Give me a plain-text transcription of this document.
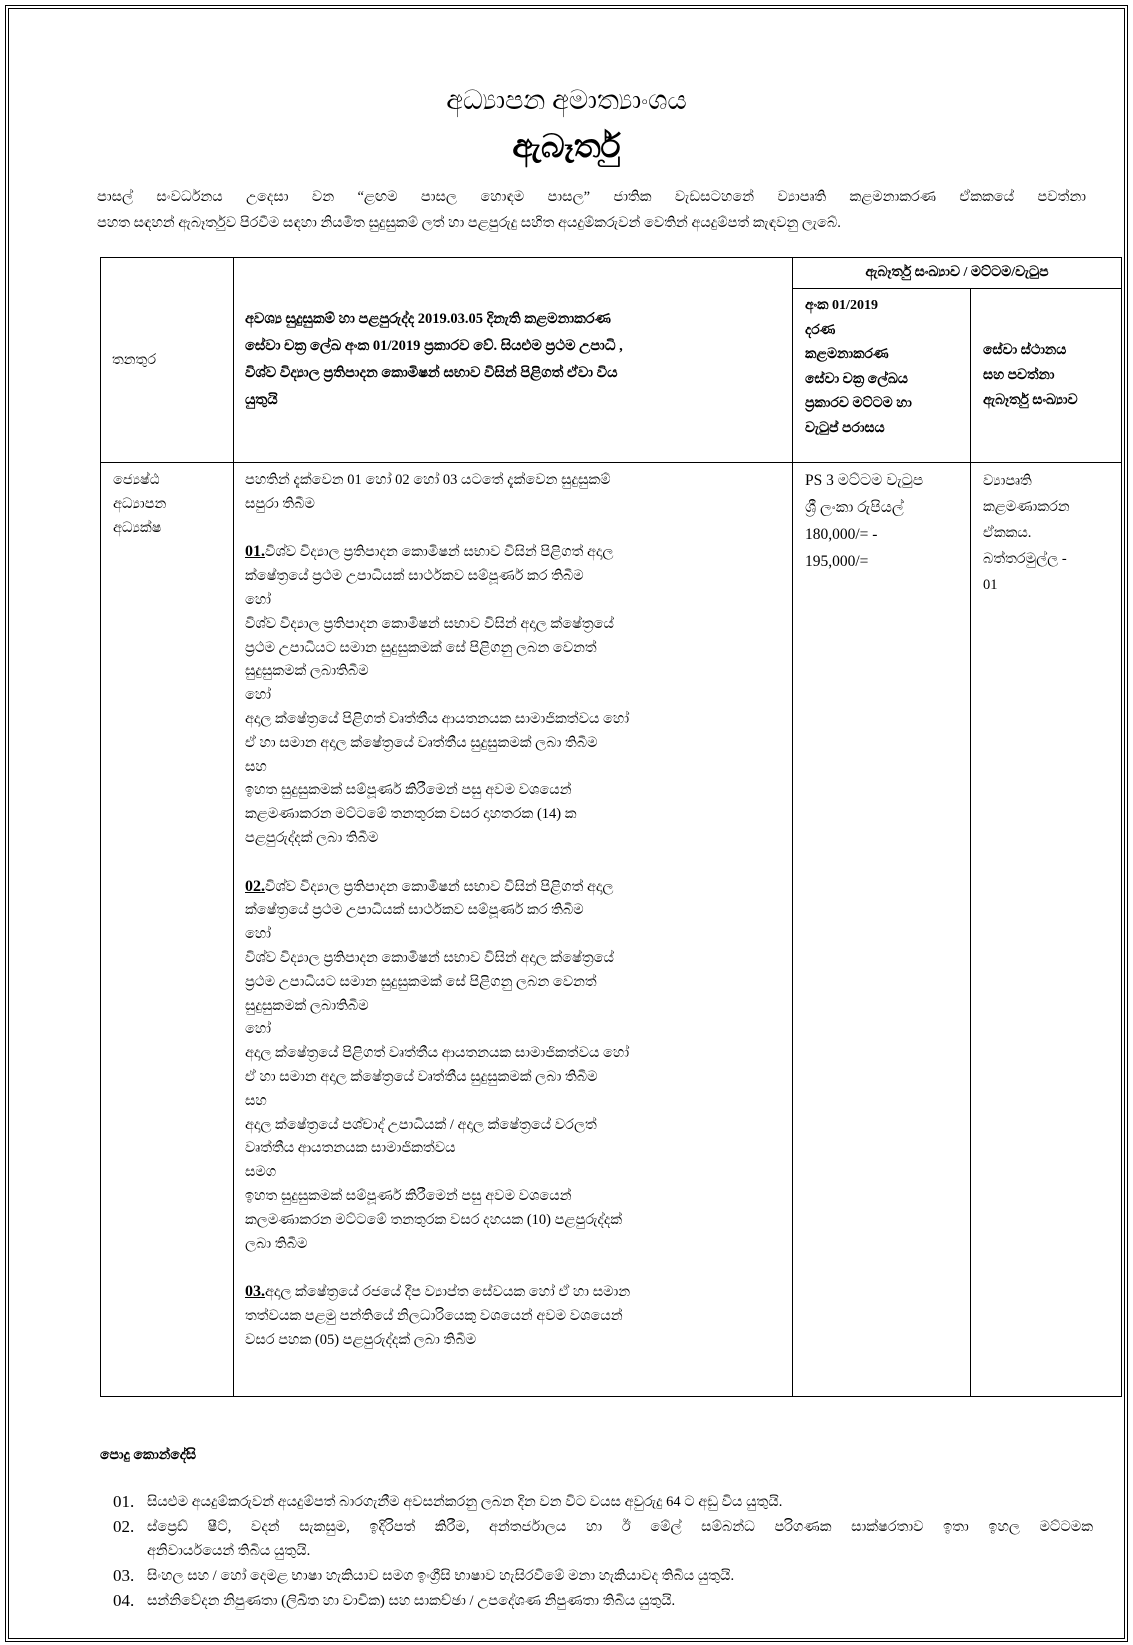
අධ්‍යාපන අමාත්‍යාංශය
ඇබෑර්තු
පාසල් සංවර්ධනය උදෙසා වන “ළඟම පාසල හොඳම පාසල” ජාතික වැඩසටහනේ ව්‍යාපෘති කළමනාකරණ ඒකකයේ පවත්නා
පහත සඳහන් ඇබෑර්තුව පිරවීම සඳහා නියමිත සුදුසුකම් ලත් හා පළපුරුදු සහිත අයදුම්කරුවන් වෙතින් අයදුම්පත් කැඳවනු ලැබේ.
තනතුර
අවශ්‍ය සුදුසුකම් හා පළපුරුද්ද 2019.03.05 දිනැති කළමනාකරණ
සේවා චක්‍ර ලේඛ අංක 01/2019 ප්‍රකාරව වේ. සියළුම ප්‍රථම උපාධි ,
විශ්ව විද්‍යාල ප්‍රතිපාදන කොමිෂන් සභාව විසින් පිළිගත් ඒවා විය
යුතුයි
ඇබෑර්තු සංඛ්‍යාව / මට්ටම/වැටුප
අංක 01/2019
දරණ
කළමනාකරණ
සේවා චක්‍ර ලේඛය
ප්‍රකාරව මට්ටම හා
වැටුප් පරාසය
සේවා ස්ථානය
සහ පවත්නා
ඇබෑර්තු සංඛ්‍යාව
ජ්‍යෙෂ්ඨ
අධ්‍යාපන
අධ්‍යක්ෂ
පහතින් දැක්වෙන 01 හෝ 02 හෝ 03 යටතේ දැක්වෙන සුදුසුකම්
සපුරා තිබීම
01.විශ්ව විද්‍යාල ප්‍රතිපාදන කොමිෂන් සභාව විසින් පිළිගත් අදාල
ක්ෂේත්‍රයේ ප්‍රථම උපාධියක් සාර්ථකව සම්පූර්ණ කර තිබීම
හෝ
විශ්ව විද්‍යාල ප්‍රතිපාදන කොමිෂන් සභාව විසින් අදාල ක්ෂේත්‍රයේ
ප්‍රථම උපාධියට සමාන සුදුසුකමක් සේ පිළිගනු ලබන වෙනත්
සුදුසුකමක් ලබාතිබීම
හෝ
අදාල ක්ෂේත්‍රයේ පිළිගත් වෘත්තීය ආයතනයක සාමාජිකත්වය හෝ
ඒ හා සමාන අදාල ක්ෂේත්‍රයේ වෘත්තීය සුදුසුකමක් ලබා තිබීම
සහ
ඉහත සුදුසුකමක් සම්පූර්ණ කිරීමෙන් පසු අවම වශයෙන්
කළමණාකරන මට්ටමේ තනතුරක වසර දාහතරක (14) ක
පළපුරුද්දක් ලබා තිබීම
02.විශ්ව විද්‍යාල ප්‍රතිපාදන කොමිෂන් සභාව විසින් පිළිගත් අදාල
ක්ෂේත්‍රයේ ප්‍රථම උපාධියක් සාර්ථකව සම්පූර්ණ කර තිබීම
හෝ
විශ්ව විද්‍යාල ප්‍රතිපාදන කොමිෂන් සභාව විසින් අදාල ක්ෂේත්‍රයේ
ප්‍රථම උපාධියට සමාන සුදුසුකමක් සේ පිළිගනු ලබන වෙනත්
සුදුසුකමක් ලබාතිබීම
හෝ
අදාල ක්ෂේත්‍රයේ පිළිගත් වෘත්තීය ආයතනයක සාමාජිකත්වය හෝ
ඒ හා සමාන අදාල ක්ෂේත්‍රයේ වෘත්තීය සුදුසුකමක් ලබා තිබීම
සහ
අදාල ක්ෂේත්‍රයේ පශ්චාද් උපාධියක් / අදාල ක්ෂේත්‍රයේ වරලත්
වෘත්තීය ආයතනයක සාමාජිකත්වය
සමග
ඉහත සුදුසුකමක් සම්පූර්ණ කිරීමෙන් පසු අවම වශයෙන්
කලමණාකරන මට්ටමේ තනතුරක වසර දහයක (10) පළපුරුද්දක්
ලබා තිබීම
03.අදාල ක්ෂේත්‍රයේ රජයේ දීප ව්‍යාප්ත සේවයක හෝ ඒ හා සමාන
තත්වයක පළමු පන්තියේ නිලධාරියෙකු වශයෙන් අවම වශයෙන්
වසර පහක (05) පළපුරුද්දක් ලබා තිබීම
PS 3 මට්ටම වැටුප
ශ්‍රී ලංකා රුපියල්
180,000/= -
195,000/=
ව්‍යාපෘති
කළමණාකරන
ඒකකය.
බත්තරමුල්ල -
01
පොදු කොන්දේසි
01. සියළුම අයදුම්කරුවන් අයදුම්පත් බාරගැනීම අවසන්කරනු ලබන දින වන විට වයස අවුරුදු 64 ට අඩු විය යුතුයි.
02. ස්ප්‍රෙඩ් ෂීට්, වදන් සැකසුම, ඉදිරිපත් කිරීම, අන්තර්ජාලය හා ඊ මේල් සම්බන්ධ පරිගණක සාක්ෂරතාව ඉතා ඉහල මට්ටමක
අනිවාර්යයෙන් තිබිය යුතුයි.
03. සිංහල සහ / හෝ දෙමළ භාෂා හැකියාව සමග ඉංග්‍රීසි භාෂාව හැසිරවීමේ මනා හැකියාවද තිබිය යුතුයි.
04. සන්නිවේදන නිපුණතා (ලිඛිත හා වාචික) සහ සාකච්ඡා / උපදේශණ නිපුණතා තිබිය යුතුයි.
